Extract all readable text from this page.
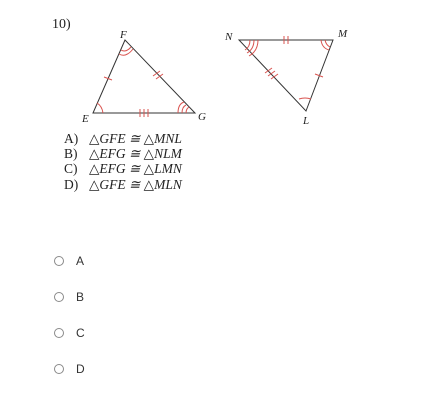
10)
F
E	G
N	M
L
A) △GFE ≅ △MNL
B) △EFG ≅ △NLM
C) △EFG ≅ △LMN
D) △GFE ≅ △MLN
A
B
C
D
